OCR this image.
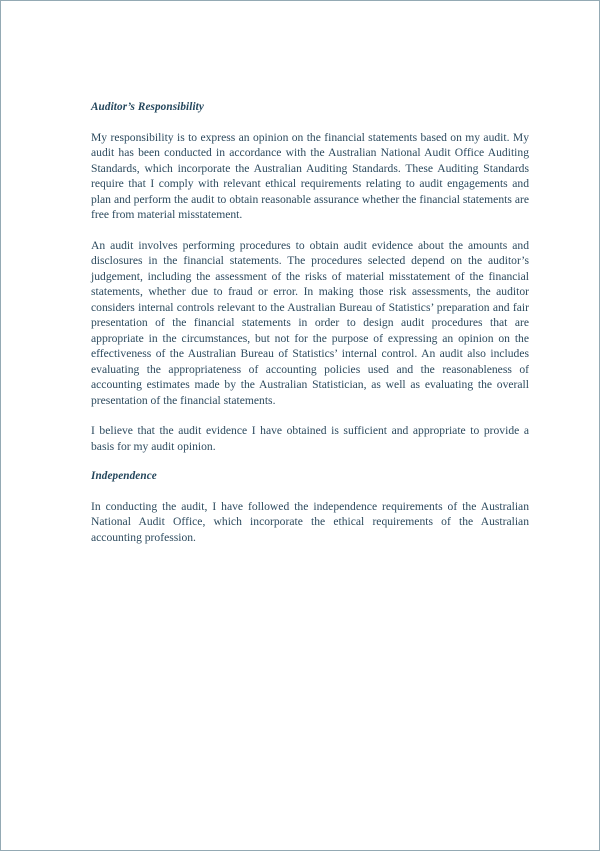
Auditor’s Responsibility

My responsibility is to express an opinion on the financial statements based on my audit. My audit has been conducted in accordance with the Australian National Audit Office Auditing Standards, which incorporate the Australian Auditing Standards. These Auditing Standards require that I comply with relevant ethical requirements relating to audit engagements and plan and perform the audit to obtain reasonable assurance whether the financial statements are free from material misstatement.

An audit involves performing procedures to obtain audit evidence about the amounts and disclosures in the financial statements. The procedures selected depend on the auditor’s judgement, including the assessment of the risks of material misstatement of the financial statements, whether due to fraud or error. In making those risk assessments, the auditor considers internal controls relevant to the Australian Bureau of Statistics’ preparation and fair presentation of the financial statements in order to design audit procedures that are appropriate in the circumstances, but not for the purpose of expressing an opinion on the effectiveness of the Australian Bureau of Statistics’ internal control. An audit also includes evaluating the appropriateness of accounting policies used and the reasonableness of accounting estimates made by the Australian Statistician, as well as evaluating the overall presentation of the financial statements.

I believe that the audit evidence I have obtained is sufficient and appropriate to provide a basis for my audit opinion.

Independence

In conducting the audit, I have followed the independence requirements of the Australian National Audit Office, which incorporate the ethical requirements of the Australian accounting profession.
